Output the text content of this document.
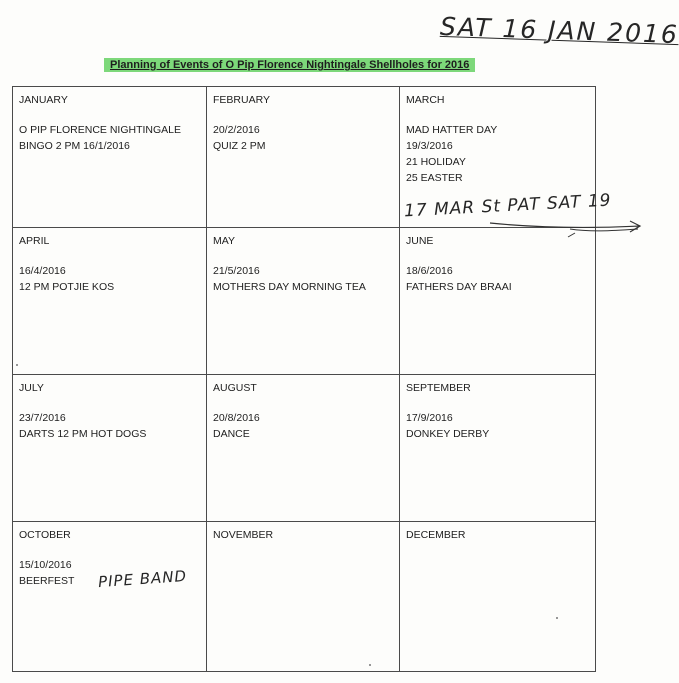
SAT 16 JAN 2016
Planning of Events of O Pip Florence Nightingale Shellholes for 2016
JANUARY
O PIP FLORENCE NIGHTINGALE
BINGO 2 PM 16/1/2016
FEBRUARY
20/2/2016
QUIZ 2 PM
MARCH
MAD HATTER DAY
19/3/2016
21 HOLIDAY
25 EASTER
APRIL
16/4/2016
12 PM POTJIE KOS
MAY
21/5/2016
MOTHERS DAY MORNING TEA
JUNE
18/6/2016
FATHERS DAY BRAAI
JULY
23/7/2016
DARTS 12 PM HOT DOGS
AUGUST
20/8/2016
DANCE
SEPTEMBER
17/9/2016
DONKEY DERBY
OCTOBER
15/10/2016
BEERFEST
NOVEMBER	DECEMBER
17 MAR St PAT SAT 19
PIPE BAND
